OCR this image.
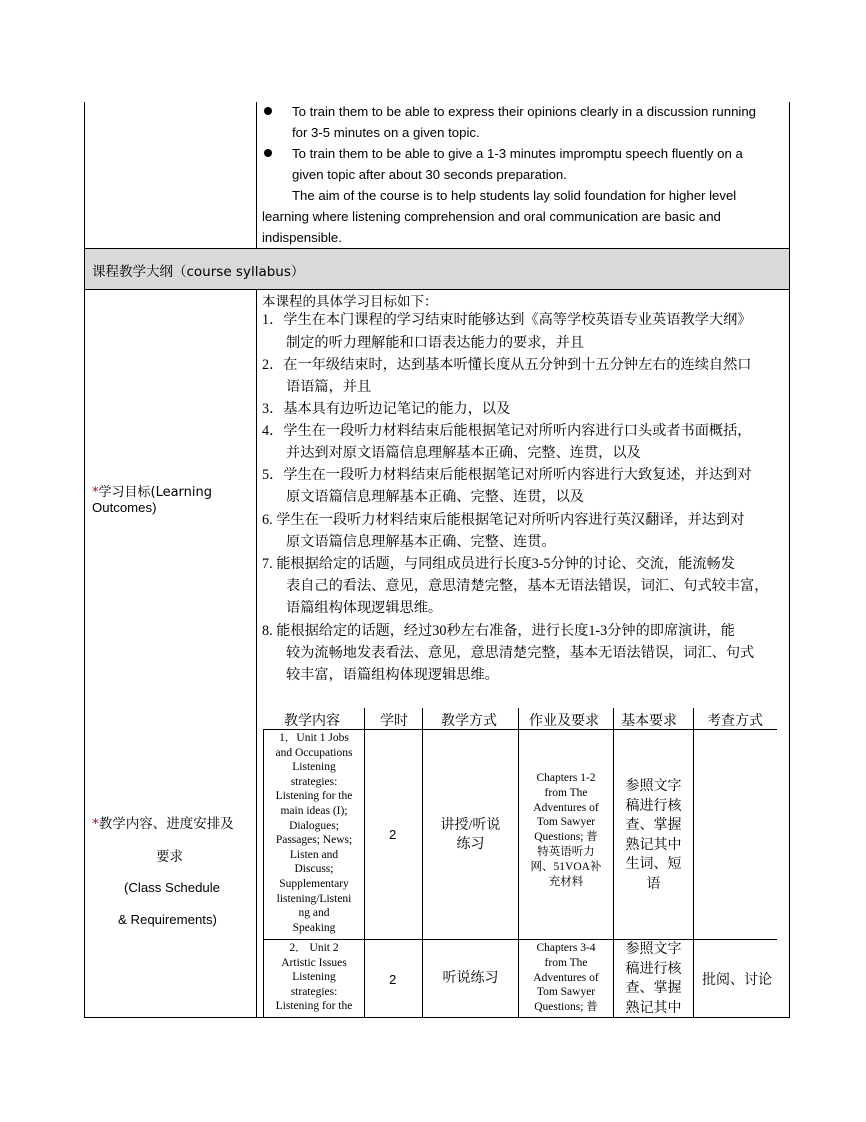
To train them to be able to express their opinions clearly in a discussion running
for 3-5 minutes on a given topic.
To train them to be able to give a 1-3 minutes impromptu speech fluently on a
given topic after about 30 seconds preparation.
The aim of the course is to help students lay solid foundation for higher level
learning where listening comprehension and oral communication are basic and
indispensible.
课程教学大纲（course syllabus）
*学习目标(Learning
Outcomes)
本课程的具体学习目标如下：
1．学生在本门课程的学习结束时能够达到《高等学校英语专业英语教学大纲》
制定的听力理解能和口语表达能力的要求，并且
2．在一年级结束时，达到基本听懂长度从五分钟到十五分钟左右的连续自然口
语语篇，并且
3．基本具有边听边记笔记的能力，以及
4．学生在一段听力材料结束后能根据笔记对所听内容进行口头或者书面概括，
并达到对原文语篇信息理解基本正确、完整、连贯，以及
5．学生在一段听力材料结束后能根据笔记对所听内容进行大致复述，并达到对
原文语篇信息理解基本正确、完整、连贯，以及
6. 学生在一段听力材料结束后能根据笔记对所听内容进行英汉翻译，并达到对
原文语篇信息理解基本正确、完整、连贯。
7. 能根据给定的话题，与同组成员进行长度3-5分钟的讨论、交流，能流畅发
表自己的看法、意见，意思清楚完整，基本无语法错误，词汇、句式较丰富，
语篇组构体现逻辑思维。
8. 能根据给定的话题，经过30秒左右准备，进行长度1-3分钟的即席演讲，能
较为流畅地发表看法、意见，意思清楚完整，基本无语法错误，词汇、句式
较丰富，语篇组构体现逻辑思维。
*教学内容、进度安排及
要求
(Class Schedule
& Requirements)
教学内容	学时 教学方式 作业及要求 基本要求 考查方式
1．Unit 1 Jobs
and Occupations
Listening
strategies:
Listening for the
main ideas (I);
Dialogues;
Passages; News;
Listen and
Discuss;
Supplementary
listening/Listeni
ng and
Speaking
2
讲授/听说
练习
Chapters 1-2
from The
Adventures of
Tom Sawyer
Questions; 普
特英语听力
网、51VOA补
充材料
参照文字
稿进行核
查、掌握
熟记其中
生词、短
语
2． Unit 2
Artistic Issues
Listening
strategies:
Listening for the
2	听说练习
Chapters 3-4
from The
Adventures of
Tom Sawyer
Questions; 普
参照文字
稿进行核
查、掌握
熟记其中
批阅、讨论
